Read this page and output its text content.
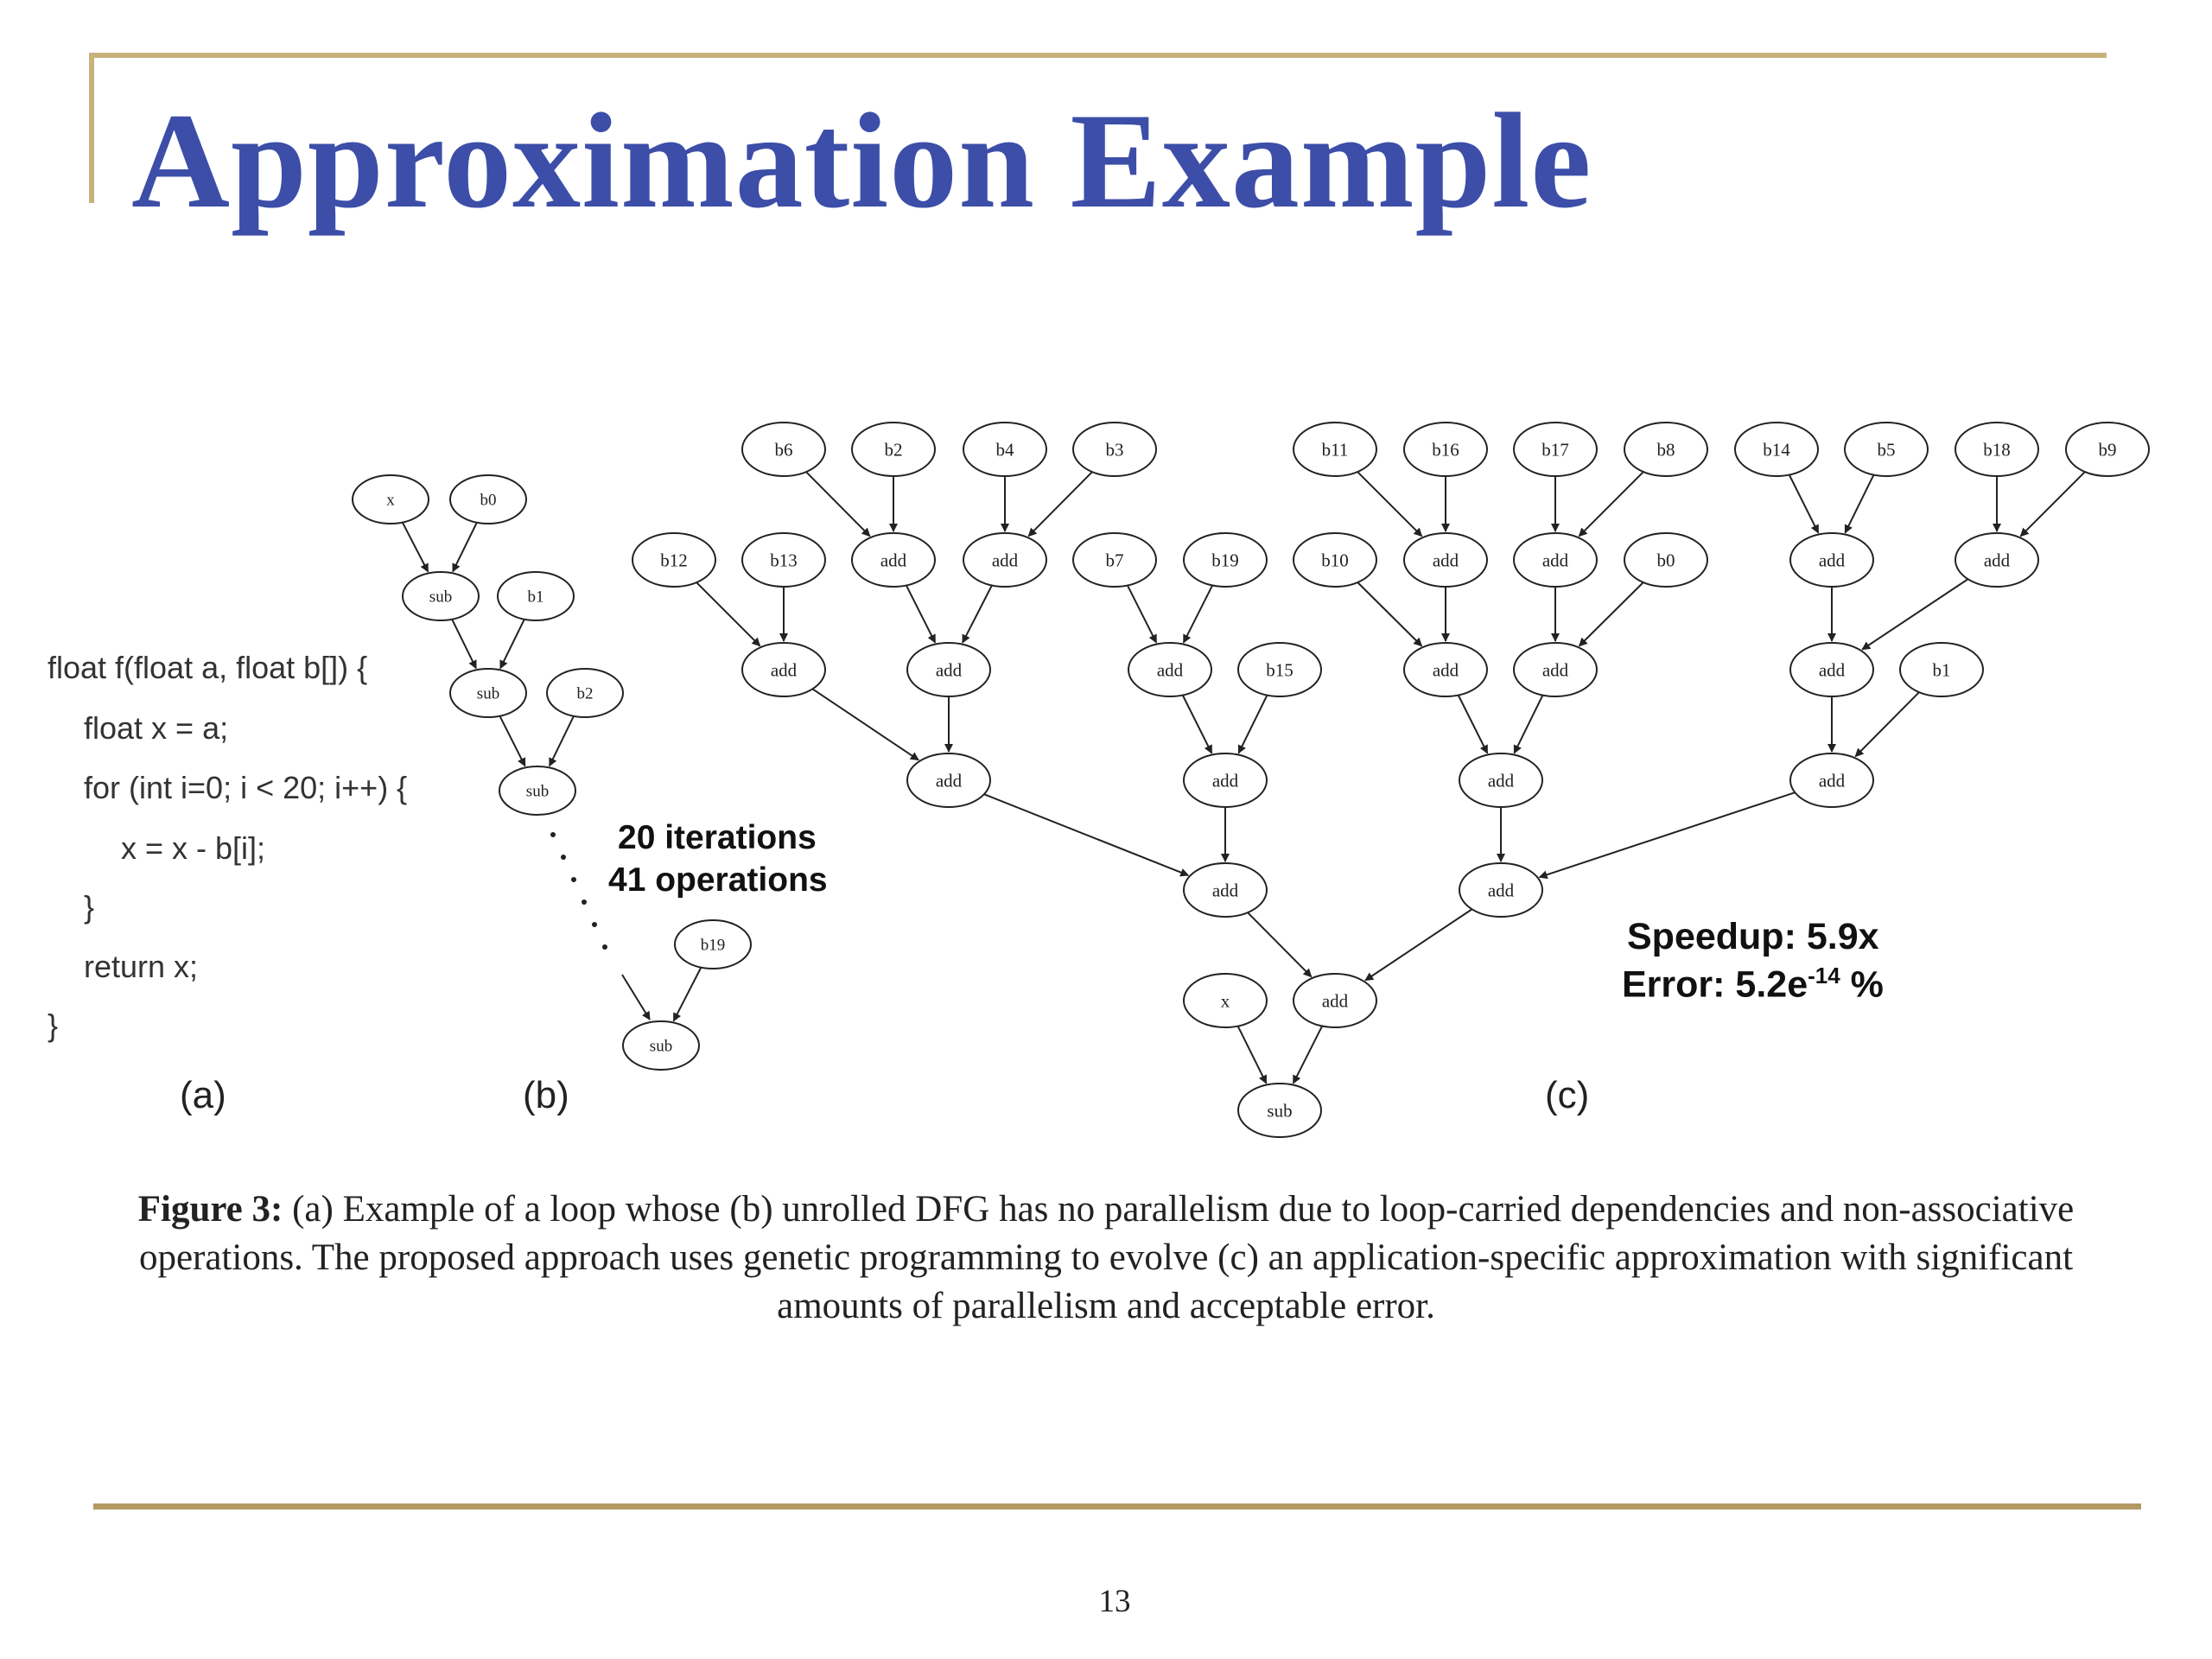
Approximation Example
float f(float a, float b[]) {
float x = a;
for (int i=0; i < 20; i++) {
x = x - b[i];
}
return x;
}
(a)	(b)	(c)
20 iterations
41 operations
Speedup: 5.9x
Error: $5.2e^{-14}$ %
x	b0
sub	b1
sub	b2
sub
b19
sub
b6	b2	b4	b3	b11	b16	b17	b8	b14	b5	b18	b9
b12	b13	add	add	b7	b19	b10	add	add	b0	add	add
add	add	add	b15	add	add	add	b1
add	add	add	add
add	add
add
x
sub
Figure 3: (a) Example of a loop whose (b) unrolled DFG has no parallelism due to loop-carried dependencies and non-associative operations. The proposed approach uses genetic programming to evolve (c) an application-specific approximation with significant amounts of parallelism and acceptable error.
13
